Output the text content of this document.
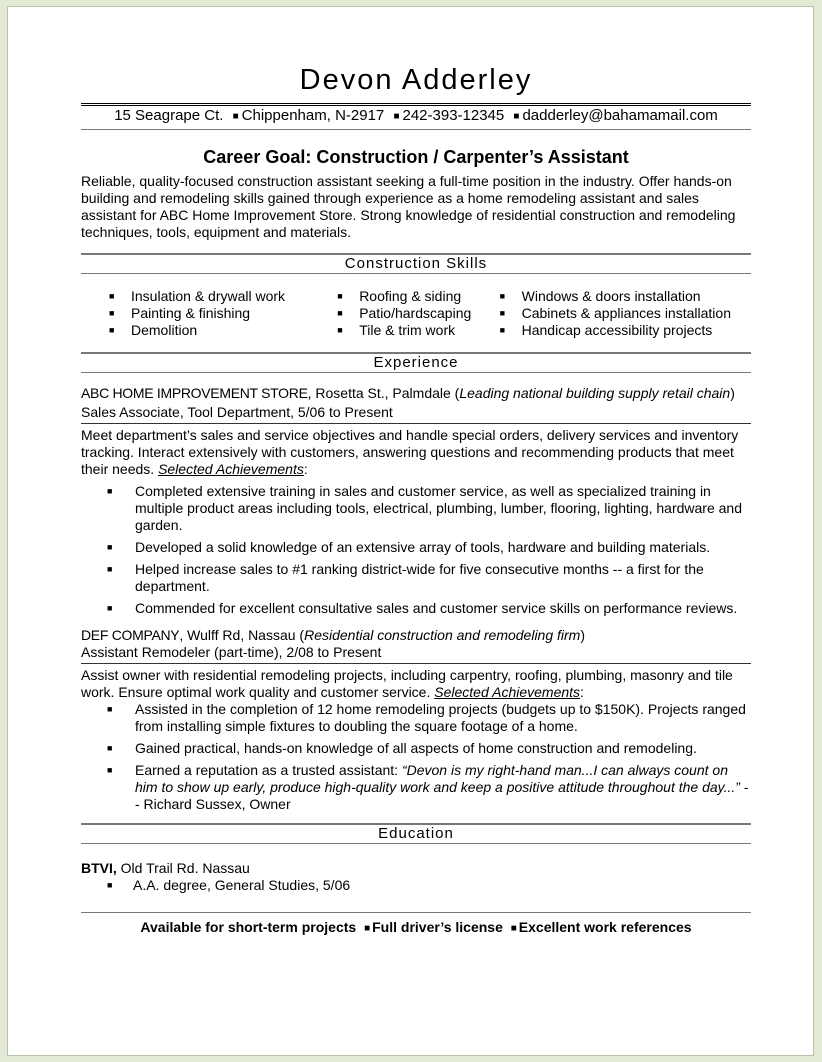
Devon Adderley
15 Seagrape Ct. ■ Chippenham, N-2917 ■ 242-393-12345 ■ dadderley@bahamamail.com
Career Goal: Construction / Carpenter’s Assistant
Reliable, quality-focused construction assistant seeking a full-time position in the industry. Offer hands-on building and remodeling skills gained through experience as a home remodeling assistant and sales assistant for ABC Home Improvement Store. Strong knowledge of residential construction and remodeling techniques, tools, equipment and materials.
Construction Skills
■	Insulation & drywall work
■	Painting & finishing
■	Demolition
■	Roofing & siding
■	Patio/hardscaping
■	Tile & trim work
■	Windows & doors installation
■	Cabinets & appliances installation
■	Handicap accessibility projects
Experience
ABC HOME IMPROVEMENT STORE, Rosetta St., Palmdale (Leading national building supply retail chain)
Sales Associate, Tool Department, 5/06 to Present
Meet department’s sales and service objectives and handle special orders, delivery services and inventory tracking. Interact extensively with customers, answering questions and recommending products that meet their needs. Selected Achievements:
■	Completed extensive training in sales and customer service, as well as specialized training in multiple product areas including tools, electrical, plumbing, lumber, flooring, lighting, hardware and garden.
■	Developed a solid knowledge of an extensive array of tools, hardware and building materials.
■	Helped increase sales to #1 ranking district-wide for five consecutive months -- a first for the department.
■	Commended for excellent consultative sales and customer service skills on performance reviews.
DEF COMPANY, Wulff Rd, Nassau (Residential construction and remodeling firm)
Assistant Remodeler (part-time), 2/08 to Present
Assist owner with residential remodeling projects, including carpentry, roofing, plumbing, masonry and tile work. Ensure optimal work quality and customer service. Selected Achievements:
■	Assisted in the completion of 12 home remodeling projects (budgets up to $150K). Projects ranged from installing simple fixtures to doubling the square footage of a home.
■	Gained practical, hands-on knowledge of all aspects of home construction and remodeling.
■	Earned a reputation as a trusted assistant: “Devon is my right-hand man...I can always count on him to show up early, produce high-quality work and keep a positive attitude throughout the day...” -- Richard Sussex, Owner
Education
BTVI, Old Trail Rd. Nassau
■	A.A. degree, General Studies, 5/06
Available for short-term projects ■ Full driver’s license ■ Excellent work references
